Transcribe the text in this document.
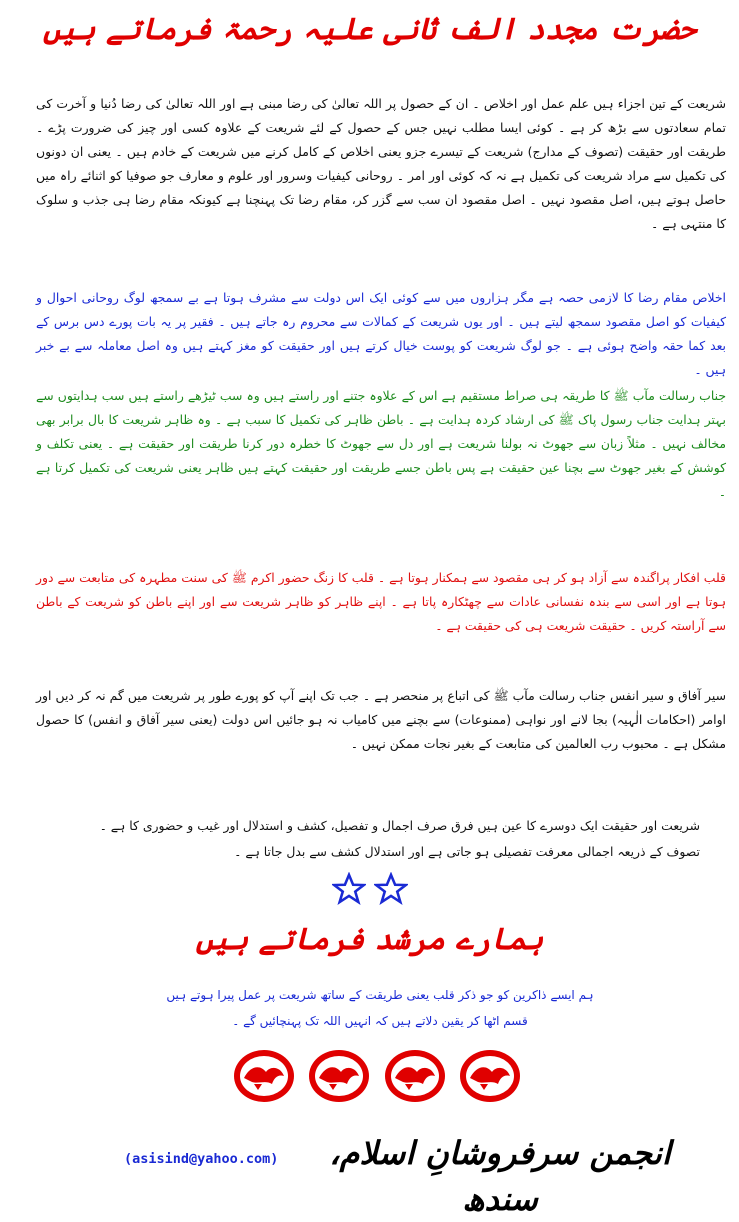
حضرت مجدد الف ثانی علیہ رحمۃ فرماتے ہیں

شریعت کے تین اجزاء ہیں علم عمل اور اخلاص ۔ ان کے حصول پر اللہ تعالیٰ کی رضا مبنی ہے اور اللہ تعالیٰ کی رضا دُنیا و آخرت کی تمام سعادتوں سے بڑھ کر ہے ۔ کوئی ایسا مطلب نہیں جس کے حصول کے لئے شریعت کے علاوہ کسی اور چیز کی ضرورت پڑے ۔ طریقت اور حقیقت (تصوف کے مدارج) شریعت کے تیسرے جزو یعنی اخلاص کے کامل کرنے میں شریعت کے خادم ہیں ۔ یعنی ان دونوں کی تکمیل سے مراد شریعت کی تکمیل ہے نہ کہ کوئی اور امر ۔ روحانی کیفیات وسرور اور علوم و معارف جو صوفیا کو اثنائے راہ میں حاصل ہوتے ہیں، اصل مقصود نہیں ۔ اصل مقصود ان سب سے گزر کر، مقام رضا تک پہنچنا ہے کیونکہ مقام رضا ہی جذب و سلوک کا منتہی ہے ۔

اخلاص مقام رضا کا لازمی حصہ ہے مگر ہزاروں میں سے کوئی ایک اس دولت سے مشرف ہوتا ہے بے سمجھ لوگ روحانی احوال و کیفیات کو اصل مقصود سمجھ لیتے ہیں ۔ اور یوں شریعت کے کمالات سے محروم رہ جاتے ہیں ۔ فقیر پر یہ بات پورے دس برس کے بعد کما حقہ واضح ہوئی ہے ۔ جو لوگ شریعت کو پوست خیال کرتے ہیں اور حقیقت کو مغز کہتے ہیں وہ اصل معاملہ سے بے خبر ہیں ۔

جناب رسالت مآب ﷺ کا طریقہ ہی صراط مستقیم ہے اس کے علاوہ جتنے اور راستے ہیں وہ سب ٹیڑھے راستے ہیں سب ہدایتوں سے بہتر ہدایت جناب رسول پاک ﷺ کی ارشاد کردہ ہدایت ہے ۔ باطن ظاہر کی تکمیل کا سبب ہے ۔ وہ ظاہر شریعت کا بال برابر بھی مخالف نہیں ۔ مثلاً زبان سے جھوٹ نہ بولنا شریعت ہے اور دل سے جھوٹ کا خطرہ دور کرنا طریقت اور حقیقت ہے ۔ یعنی تکلف و کوشش کے بغیر جھوٹ سے بچنا عین حقیقت ہے پس باطن جسے طریقت اور حقیقت کہتے ہیں ظاہر یعنی شریعت کی تکمیل کرتا ہے ۔

قلب افکار پراگندہ سے آزاد ہو کر ہی مقصود سے ہمکنار ہوتا ہے ۔ قلب کا زنگ حضور اکرم ﷺ کی سنت مطہرہ کی متابعت سے دور ہوتا ہے اور اسی سے بندہ نفسانی عادات سے چھٹکارہ پاتا ہے ۔ اپنے ظاہر کو ظاہر شریعت سے اور اپنے باطن کو شریعت کے باطن سے آراستہ کریں ۔ حقیقت شریعت ہی کی حقیقت ہے ۔

سیر آفاق و سیر انفس جناب رسالت مآب ﷺ کی اتباع پر منحصر ہے ۔ جب تک اپنے آپ کو پورے طور پر شریعت میں گم نہ کر دیں اور اوامر (احکامات الٰہیہ) بجا لانے اور نواہی (ممنوعات) سے بچنے میں کامیاب نہ ہو جائیں اس دولت (یعنی سیر آفاق و انفس) کا حصول مشکل ہے ۔ محبوب رب العالمین کی متابعت کے بغیر نجات ممکن نہیں ۔

شریعت اور حقیقت ایک دوسرے کا عین ہیں فرق صرف اجمال و تفصیل، کشف و استدلال اور غیب و حضوری کا ہے ۔

تصوف کے ذریعہ اجمالی معرفت تفصیلی ہو جاتی ہے اور استدلال کشف سے بدل جاتا ہے ۔

ہمارے مرشد فرماتے ہیں

ہم ایسے ذاکرین کو جو ذکر قلب یعنی طریقت کے ساتھ شریعت پر عمل پیرا ہوتے ہیں

قسم اٹھا کر یقین دلاتے ہیں کہ انہیں اللہ تک پہنچائیں گے ۔

انجمن سرفروشانِ اسلام، سندھ
(asisind@yahoo.com)
